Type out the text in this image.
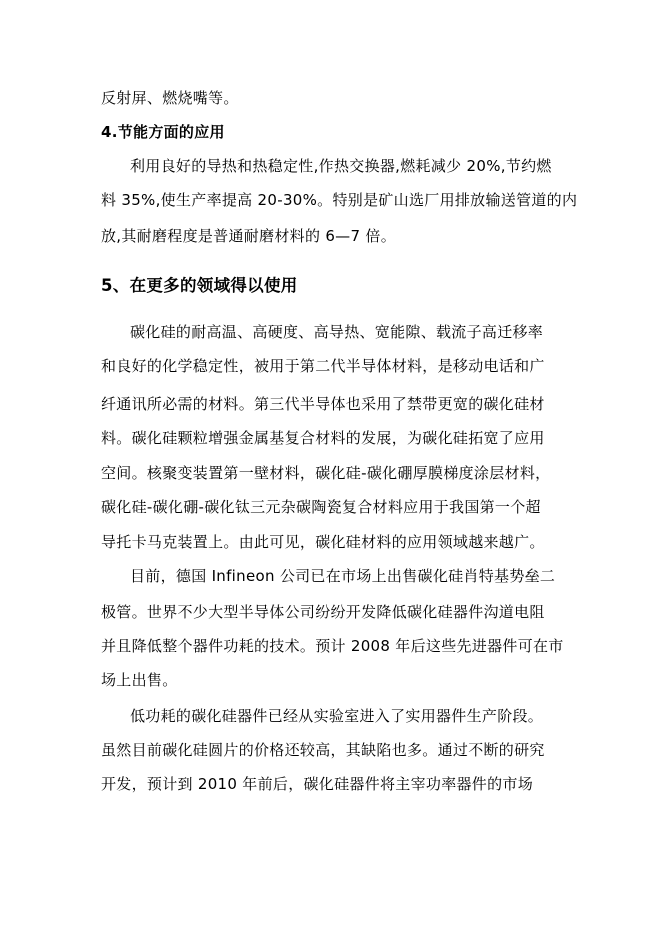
反射屏、燃烧嘴等。
4.节能方面的应用
利用良好的导热和热稳定性,作热交换器,燃耗减少 20%,节约燃
料 35%,使生产率提高 20-30%。特别是矿山选厂用排放输送管道的内
放,其耐磨程度是普通耐磨材料的 6—7 倍。
5、在更多的领域得以使用
碳化硅的耐高温、高硬度、高导热、宽能隙、载流子高迁移率
和良好的化学稳定性，被用于第二代半导体材料，是移动电话和广
纤通讯所必需的材料。第三代半导体也采用了禁带更宽的碳化硅材
料。碳化硅颗粒增强金属基复合材料的发展，为碳化硅拓宽了应用
空间。核聚变装置第一壁材料，碳化硅-碳化硼厚膜梯度涂层材料，
碳化硅-碳化硼-碳化钛三元杂碳陶瓷复合材料应用于我国第一个超
导托卡马克装置上。由此可见，碳化硅材料的应用领域越来越广。
目前，德国 Infineon 公司已在市场上出售碳化硅肖特基势垒二
极管。世界不少大型半导体公司纷纷开发降低碳化硅器件沟道电阻
并且降低整个器件功耗的技术。预计 2008 年后这些先进器件可在市
场上出售。
低功耗的碳化硅器件已经从实验室进入了实用器件生产阶段。
虽然目前碳化硅圆片的价格还较高，其缺陷也多。通过不断的研究
开发，预计到 2010 年前后，碳化硅器件将主宰功率器件的市场
